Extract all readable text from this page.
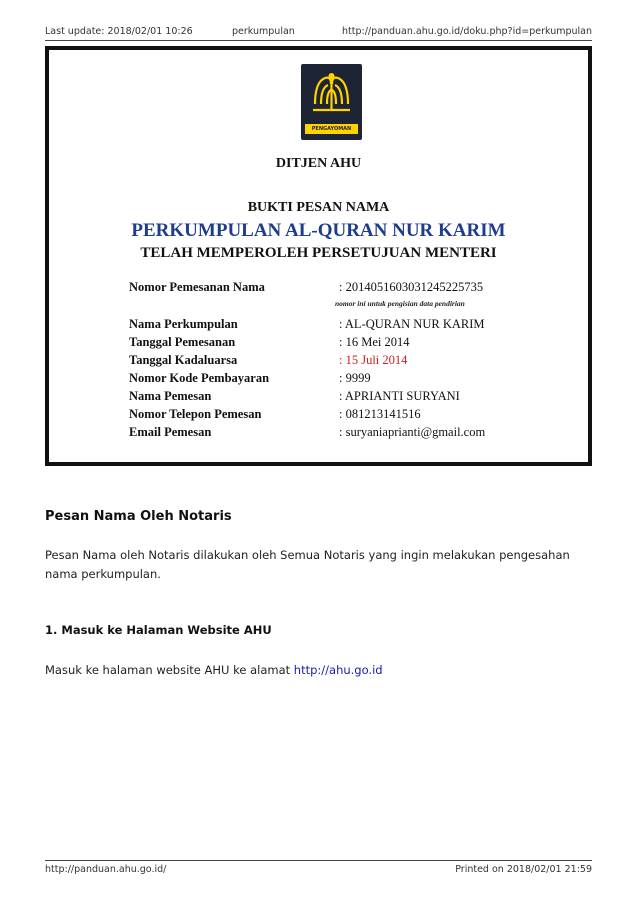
Last update: 2018/02/01 10:26	perkumpulan	http://panduan.ahu.go.id/doku.php?id=perkumpulan
PENGAYOMAN
DITJEN AHU
BUKTI PESAN NAMA
PERKUMPULAN AL-QURAN NUR KARIM
TELAH MEMPEROLEH PERSETUJUAN MENTERI
Nomor Pemesanan Nama	: 20140516030312452257​35
nomor ini untuk pengisian data pendirian
Nama Perkumpulan	: AL-QURAN NUR KARIM
Tanggal Pemesanan	: 16 Mei 2014
Tanggal Kadaluarsa	: 15 Juli 2014
Nomor Kode Pembayaran	: 9999
Nama Pemesan	: APRIANTI SURYANI
Nomor Telepon Pemesan	: 081213141516
Email Pemesan	: suryaniaprianti@gmail.com
Pesan Nama Oleh Notaris
Pesan Nama oleh Notaris dilakukan oleh Semua Notaris yang ingin melakukan pengesahan nama perkumpulan.
1. Masuk ke Halaman Website AHU
Masuk ke halaman website AHU ke alamat http://ahu.go.id
http://panduan.ahu.go.id/	Printed on 2018/02/01 21:59
